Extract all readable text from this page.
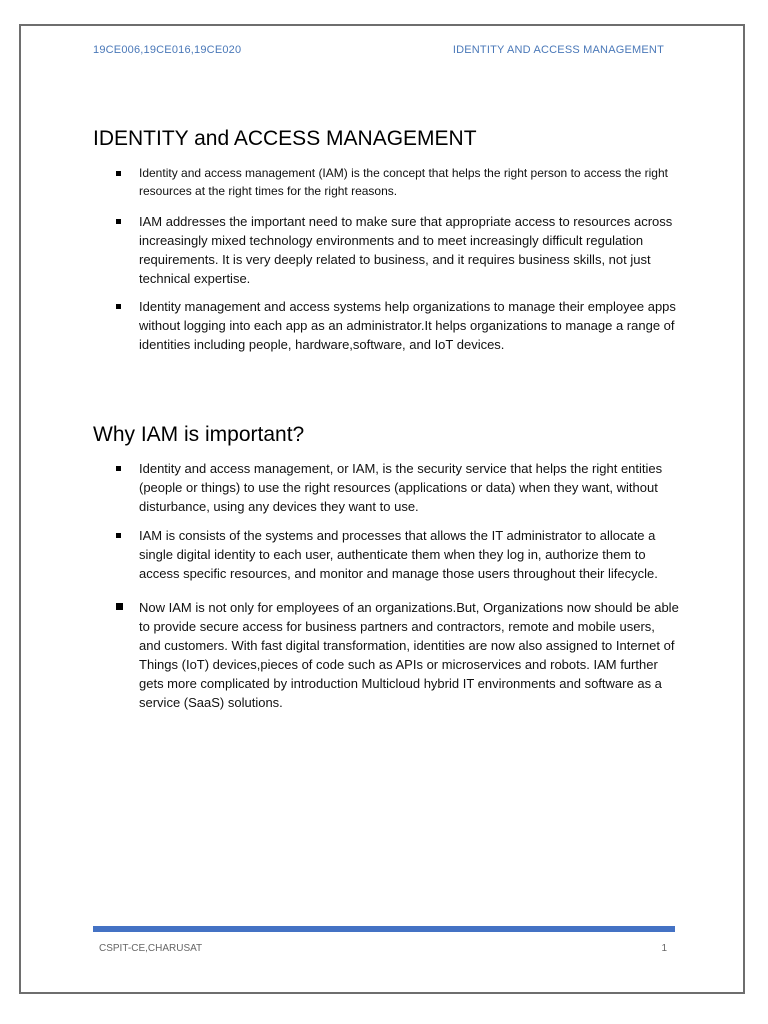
19CE006,19CE016,19CE020	IDENTITY AND ACCESS MANAGEMENT
IDENTITY and ACCESS MANAGEMENT
Identity and access management (IAM) is the concept that helps the right person to access the right resources at the right times for the right reasons.
IAM addresses the important need to make sure that appropriate access to resources across increasingly mixed technology environments and to meet increasingly difficult regulation requirements. It is very deeply related to business, and it requires business skills, not just technical expertise.
Identity management and access systems help organizations to manage their employee apps without logging into each app as an administrator.It helps organizations to manage a range of identities including people, hardware,software, and IoT devices.
Why IAM is important?
Identity and access management, or IAM, is the security service that helps the right entities (people or things) to use the right resources (applications or data) when they want, without disturbance, using any devices they want to use.
IAM is consists of the systems and processes that allows the IT administrator to allocate a single digital identity to each user, authenticate them when they log in, authorize them to access specific resources, and monitor and manage those users throughout their lifecycle.
Now IAM is not only for employees of an organizations.But, Organizations now should be able to provide secure access for business partners and contractors, remote and mobile users, and customers. With fast digital transformation, identities are now also assigned to Internet of Things (IoT) devices,pieces of code such as APIs or microservices and robots. IAM further gets more complicated by introduction Multicloud hybrid IT environments and software as a service (SaaS) solutions.
CSPIT-CE,CHARUSAT	1
